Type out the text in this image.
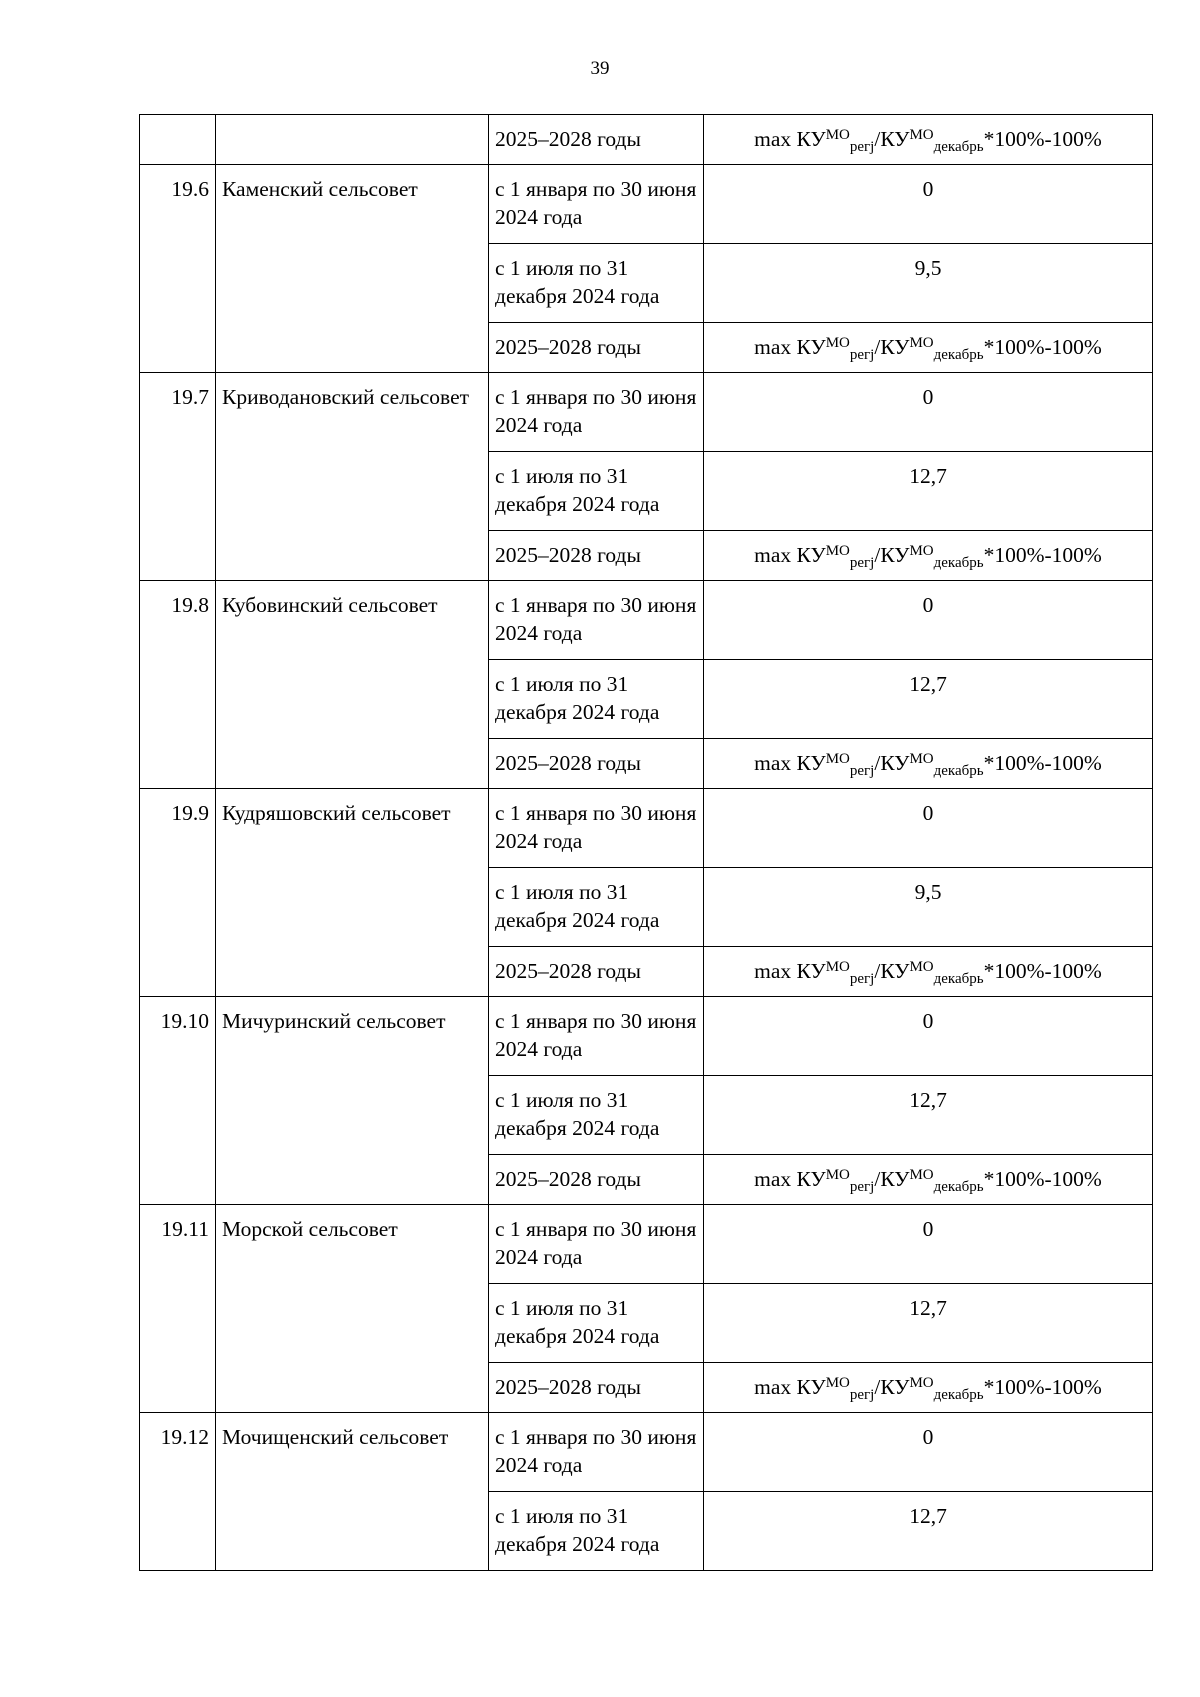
39
		2025–2028 годы	$\max КУ^{МО}_{регj}/КУ^{МО}_{декабрь}*100\%-100\%$
19.6	Каменский сельсовет	с 1 января по 30 июня 2024 года	0
		с 1 июля по 31 декабря 2024 года	9,5
		2025–2028 годы	$\max КУ^{МО}_{регj}/КУ^{МО}_{декабрь}*100\%-100\%$
19.7	Криводановский сельсовет	с 1 января по 30 июня 2024 года	0
		с 1 июля по 31 декабря 2024 года	12,7
		2025–2028 годы	$\max КУ^{МО}_{регj}/КУ^{МО}_{декабрь}*100\%-100\%$
19.8	Кубовинский сельсовет	с 1 января по 30 июня 2024 года	0
		с 1 июля по 31 декабря 2024 года	12,7
		2025–2028 годы	$\max КУ^{МО}_{регj}/КУ^{МО}_{декабрь}*100\%-100\%$
19.9	Кудряшовский сельсовет	с 1 января по 30 июня 2024 года	0
		с 1 июля по 31 декабря 2024 года	9,5
		2025–2028 годы	$\max КУ^{МО}_{регj}/КУ^{МО}_{декабрь}*100\%-100\%$
19.10	Мичуринский сельсовет	с 1 января по 30 июня 2024 года	0
		с 1 июля по 31 декабря 2024 года	12,7
		2025–2028 годы	$\max КУ^{МО}_{регj}/КУ^{МО}_{декабрь}*100\%-100\%$
19.11	Морской сельсовет	с 1 января по 30 июня 2024 года	0
		с 1 июля по 31 декабря 2024 года	12,7
		2025–2028 годы	$\max КУ^{МО}_{регj}/КУ^{МО}_{декабрь}*100\%-100\%$
19.12	Мочищенский сельсовет	с 1 января по 30 июня 2024 года	0
		с 1 июля по 31 декабря 2024 года	12,7
